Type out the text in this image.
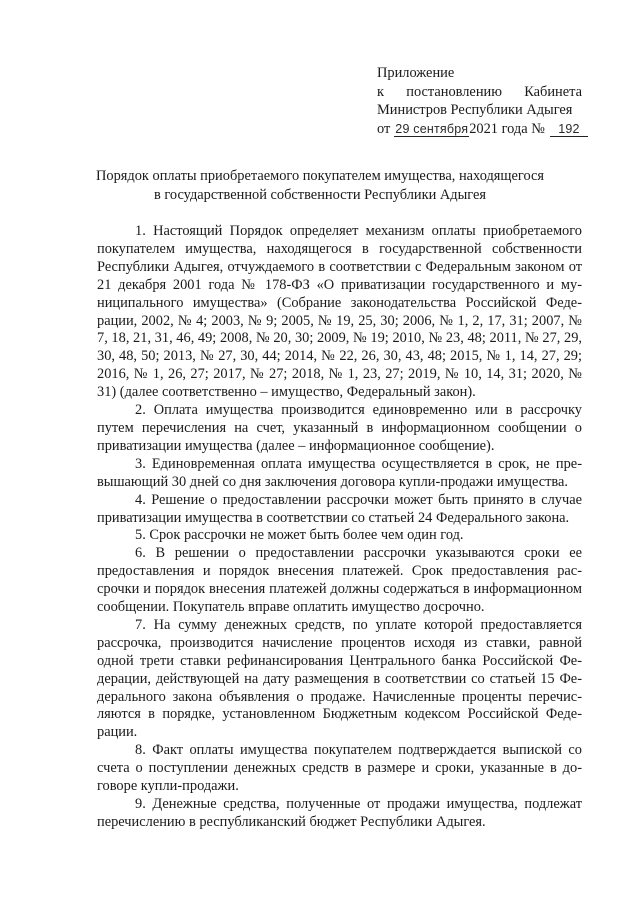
Приложение
к постановлению Кабинета
Министров Республики Адыгея
от 29 сентября 2021 года №	192
Порядок оплаты приобретаемого покупателем имущества, находящегося
в государственной собственности Республики Адыгея

1. Настоящий Порядок определяет механизм оплаты приобретаемого покупателем имущества, находящегося в государственной собственности Республики Адыгея, отчуждаемого в соответствии с Федеральным законом от 21 декабря 2001 года № 178-ФЗ «О приватизации государственного и муниципального имущества» (Собрание законодательства Российской Федерации, 2002, № 4; 2003, № 9; 2005, № 19, 25, 30; 2006, № 1, 2, 17, 31; 2007, № 7, 18, 21, 31, 46, 49; 2008, № 20, 30; 2009, № 19; 2010, № 23, 48; 2011, № 27, 29, 30, 48, 50; 2013, № 27, 30, 44; 2014, № 22, 26, 30, 43, 48; 2015, № 1, 14, 27, 29; 2016, № 1, 26, 27; 2017, № 27; 2018, № 1, 23, 27; 2019, № 10, 14, 31; 2020, № 31) (далее соответственно – имущество, Федеральный закон).

2. Оплата имущества производится единовременно или в рассрочку путем перечисления на счет, указанный в информационном сообщении о приватизации имущества (далее – информационное сообщение).

3. Единовременная оплата имущества осуществляется в срок, не превышающий 30 дней со дня заключения договора купли-продажи имущества.

4. Решение о предоставлении рассрочки может быть принято в случае приватизации имущества в соответствии со статьей 24 Федерального закона.

5. Срок рассрочки не может быть более чем один год.

6. В решении о предоставлении рассрочки указываются сроки ее предоставления и порядок внесения платежей. Срок предоставления рассрочки и порядок внесения платежей должны содержаться в информационном сообщении. Покупатель вправе оплатить имущество досрочно.

7. На сумму денежных средств, по уплате которой предоставляется рассрочка, производится начисление процентов исходя из ставки, равной одной трети ставки рефинансирования Центрального банка Российской Федерации, действующей на дату размещения в соответствии со статьей 15 Федерального закона объявления о продаже. Начисленные проценты перечисляются в порядке, установленном Бюджетным кодексом Российской Федерации.

8. Факт оплаты имущества покупателем подтверждается выпиской со счета о поступлении денежных средств в размере и сроки, указанные в договоре купли-продажи.

9. Денежные средства, полученные от продажи имущества, подлежат перечислению в республиканский бюджет Республики Адыгея.
